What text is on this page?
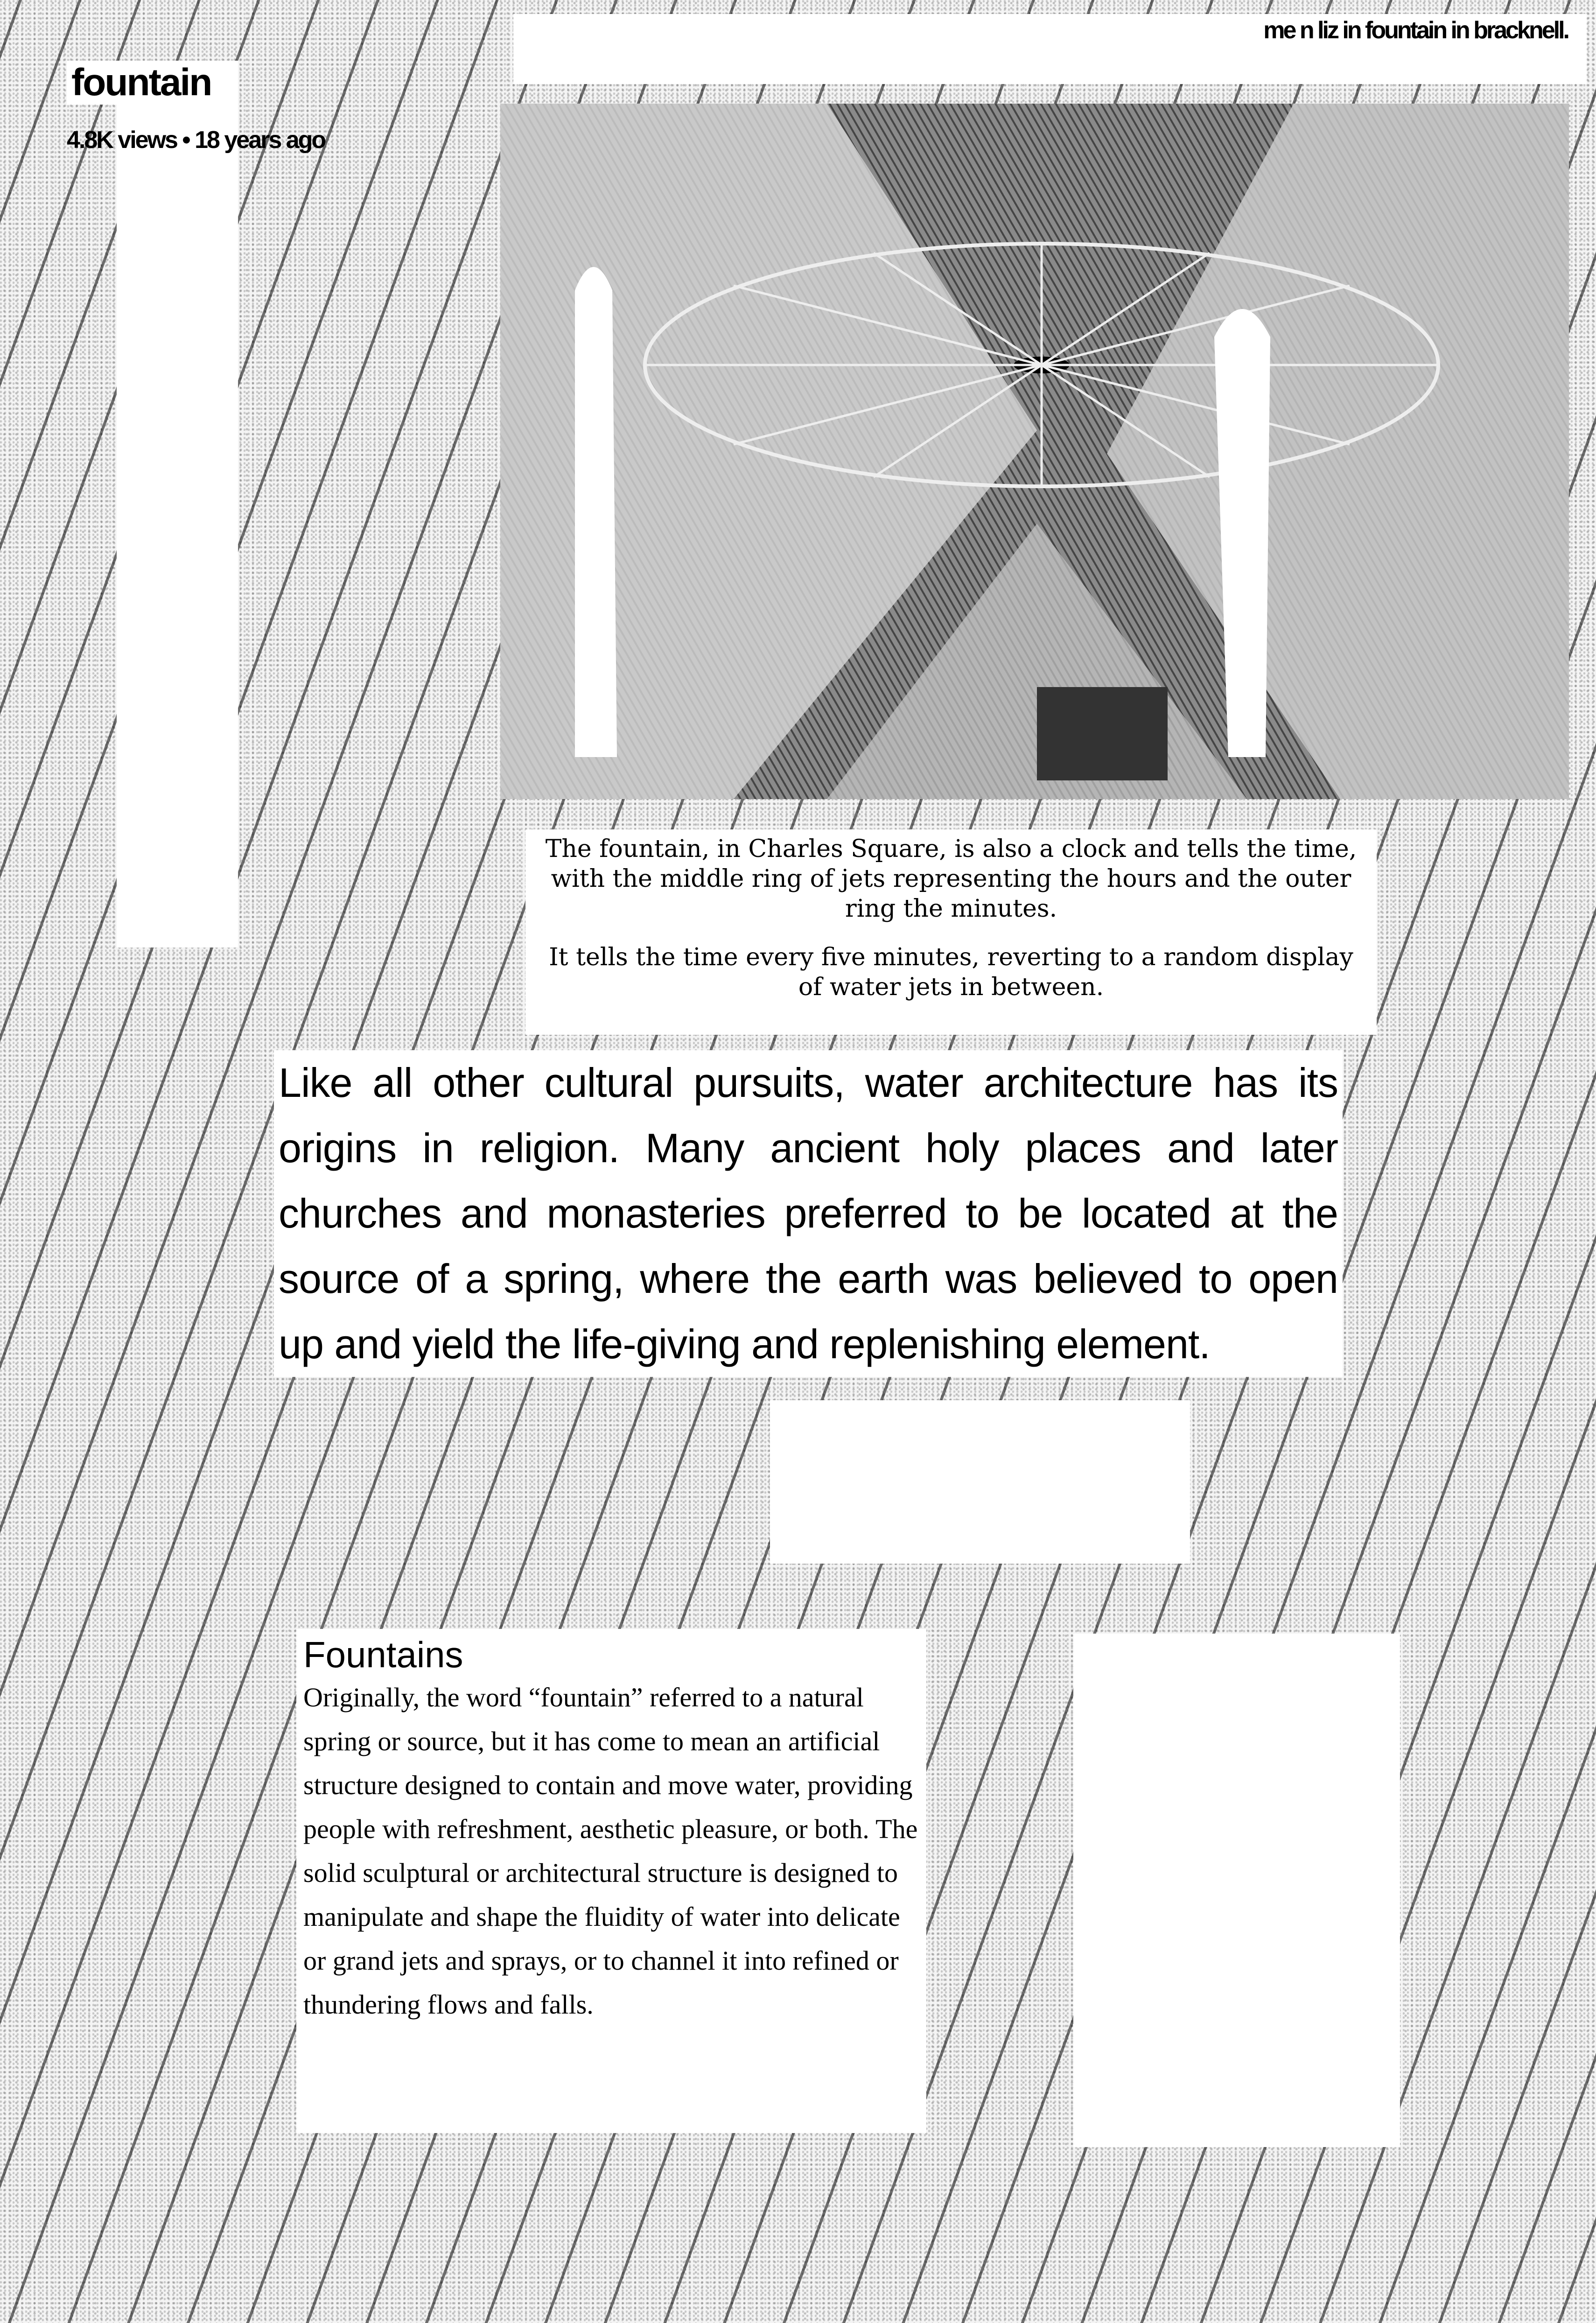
fountain
4.8K views • 18 years ago
me n liz in fountain in bracknell.

The fountain, in Charles Square, is also a clock and tells the time, with the middle ring of jets representing the hours and the outer ring the minutes.

It tells the time every five minutes, reverting to a random display of water jets in between.

Like all other cultural pursuits, water architecture has its origins in religion. Many ancient holy places and later churches and monasteries preferred to be located at the source of a spring, where the earth was believed to open up and yield the life-giving and replenishing element.
Fountains
Originally, the word “fountain” referred to a natural spring or source, but it has come to mean an artificial structure designed to contain and move water, providing people with refreshment, aesthetic pleasure, or both. The solid sculptural or architectural structure is designed to manipulate and shape the fluidity of water into delicate or grand jets and sprays, or to channel it into refined or thundering flows and falls.
